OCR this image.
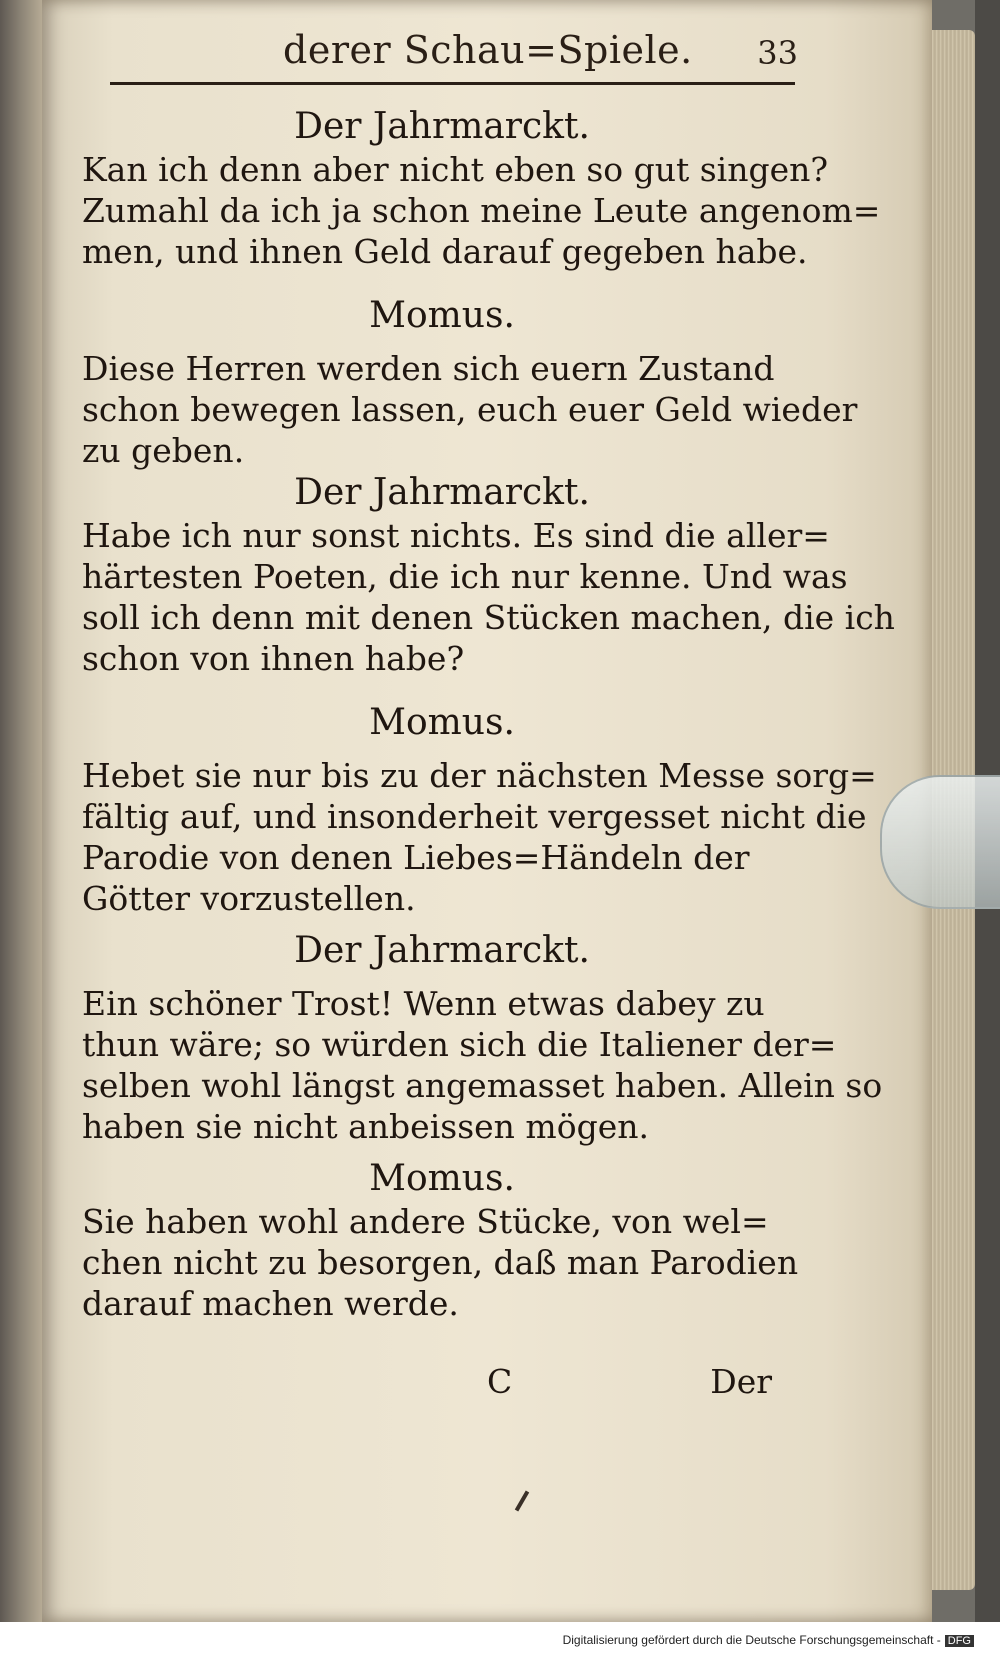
derer Schau=Spiele. 33

Der Jahrmarckt.

Kan ich denn aber nicht eben so gut singen?
Zumahl da ich ja schon meine Leute angenom=
men, und ihnen Geld darauf gegeben habe.

Momus.

Diese Herren werden sich euern Zustand
schon bewegen lassen, euch euer Geld wieder
zu geben.

Der Jahrmarckt.

Habe ich nur sonst nichts. Es sind die aller=
härtesten Poeten, die ich nur kenne. Und was
soll ich denn mit denen Stücken machen, die ich
schon von ihnen habe?

Momus.

Hebet sie nur bis zu der nächsten Messe sorg=
fältig auf, und insonderheit vergesset nicht die
Parodie von denen Liebes=Händeln der
Götter vorzustellen.

Der Jahrmarckt.

Ein schöner Trost! Wenn etwas dabey zu
thun wäre; so würden sich die Italiener der=
selben wohl längst angemasset haben. Allein so
haben sie nicht anbeissen mögen.

Momus.

Sie haben wohl andere Stücke, von wel=
chen nicht zu besorgen, daß man Parodien
darauf machen werde.
C	Der
Digitalisierung gefördert durch die Deutsche Forschungsgemeinschaft - DFG
